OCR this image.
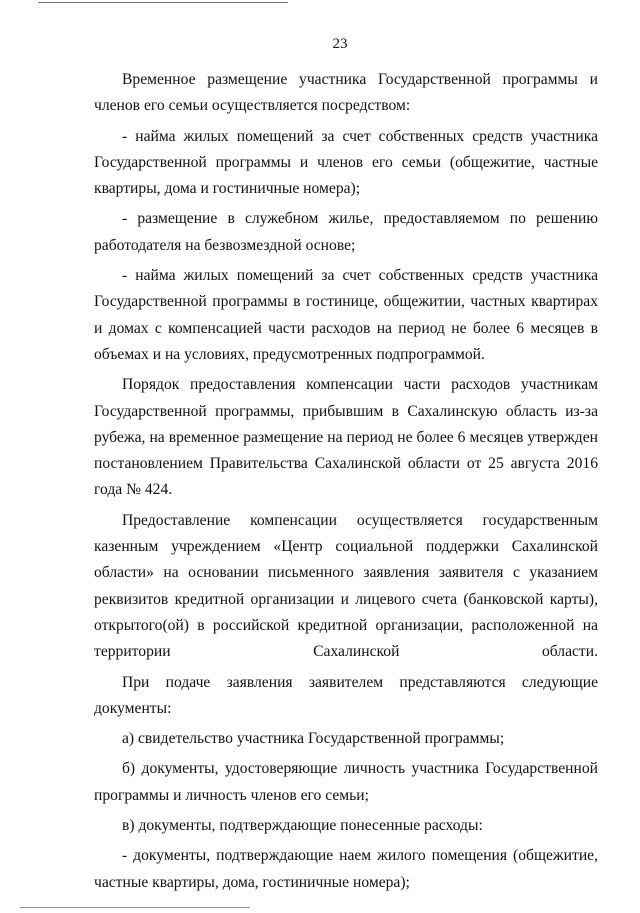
23

Временное размещение участника Государственной программы и членов его семьи осуществляется посредством:

- найма жилых помещений за счет собственных средств участника Государственной программы и членов его семьи (общежитие, частные квартиры, дома и гостиничные номера);

- размещение в служебном жилье, предоставляемом по решению работодателя на безвозмездной основе;

- найма жилых помещений за счет собственных средств участника Государственной программы в гостинице, общежитии, частных квартирах и домах с компенсацией части расходов на период не более 6 месяцев в объемах и на условиях, предусмотренных подпрограммой.

Порядок предоставления компенсации части расходов участникам Государственной программы, прибывшим в Сахалинскую область из-за рубежа, на временное размещение на период не более 6 месяцев утвержден постановлением Правительства Сахалинской области от 25 августа 2016 года № 424.

Предоставление компенсации осуществляется государственным казенным учреждением «Центр социальной поддержки Сахалинской области» на основании письменного заявления заявителя с указанием реквизитов кредитной организации и лицевого счета (банковской карты), открытого(ой) в российской кредитной организации, расположенной на территории Сахалинской области.

При подаче заявления заявителем представляются следующие документы:

а) свидетельство участника Государственной программы;

б) документы, удостоверяющие личность участника Государственной программы и личность членов его семьи;

в) документы, подтверждающие понесенные расходы:

- документы, подтверждающие наем жилого помещения (общежитие, частные квартиры, дома, гостиничные номера);
